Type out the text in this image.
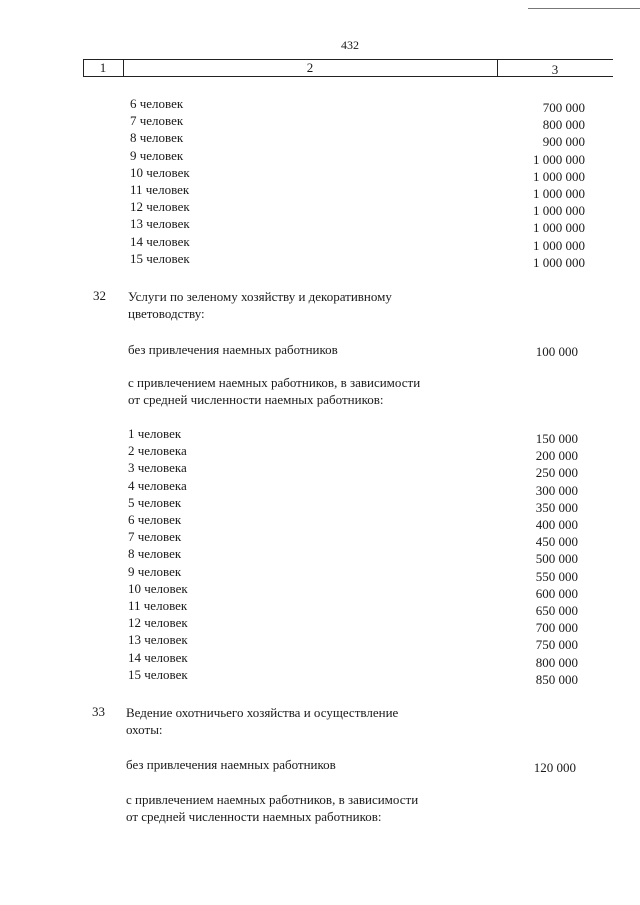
432
1	2	3
6 человек	700 000
7 человек	800 000
8 человек	900 000
9 человек	1 000 000
10 человек	1 000 000
11 человек	1 000 000
12 человек	1 000 000
13 человек	1 000 000
14 человек	1 000 000
15 человек	1 000 000
32 Услуги по зеленому хозяйству и декоративному
цветоводству:
без привлечения наемных работников	100 000
с привлечением наемных работников, в зависимости
от средней численности наемных работников:
1 человек	150 000
2 человека	200 000
3 человека	250 000
4 человека	300 000
5 человек	350 000
6 человек	400 000
7 человек	450 000
8 человек	500 000
9 человек	550 000
10 человек	600 000
11 человек	650 000
12 человек	700 000
13 человек	750 000
14 человек	800 000
15 человек	850 000
33 Ведение охотничьего хозяйства и осуществление
охоты:
без привлечения наемных работников	120 000
с привлечением наемных работников, в зависимости
от средней численности наемных работников:
